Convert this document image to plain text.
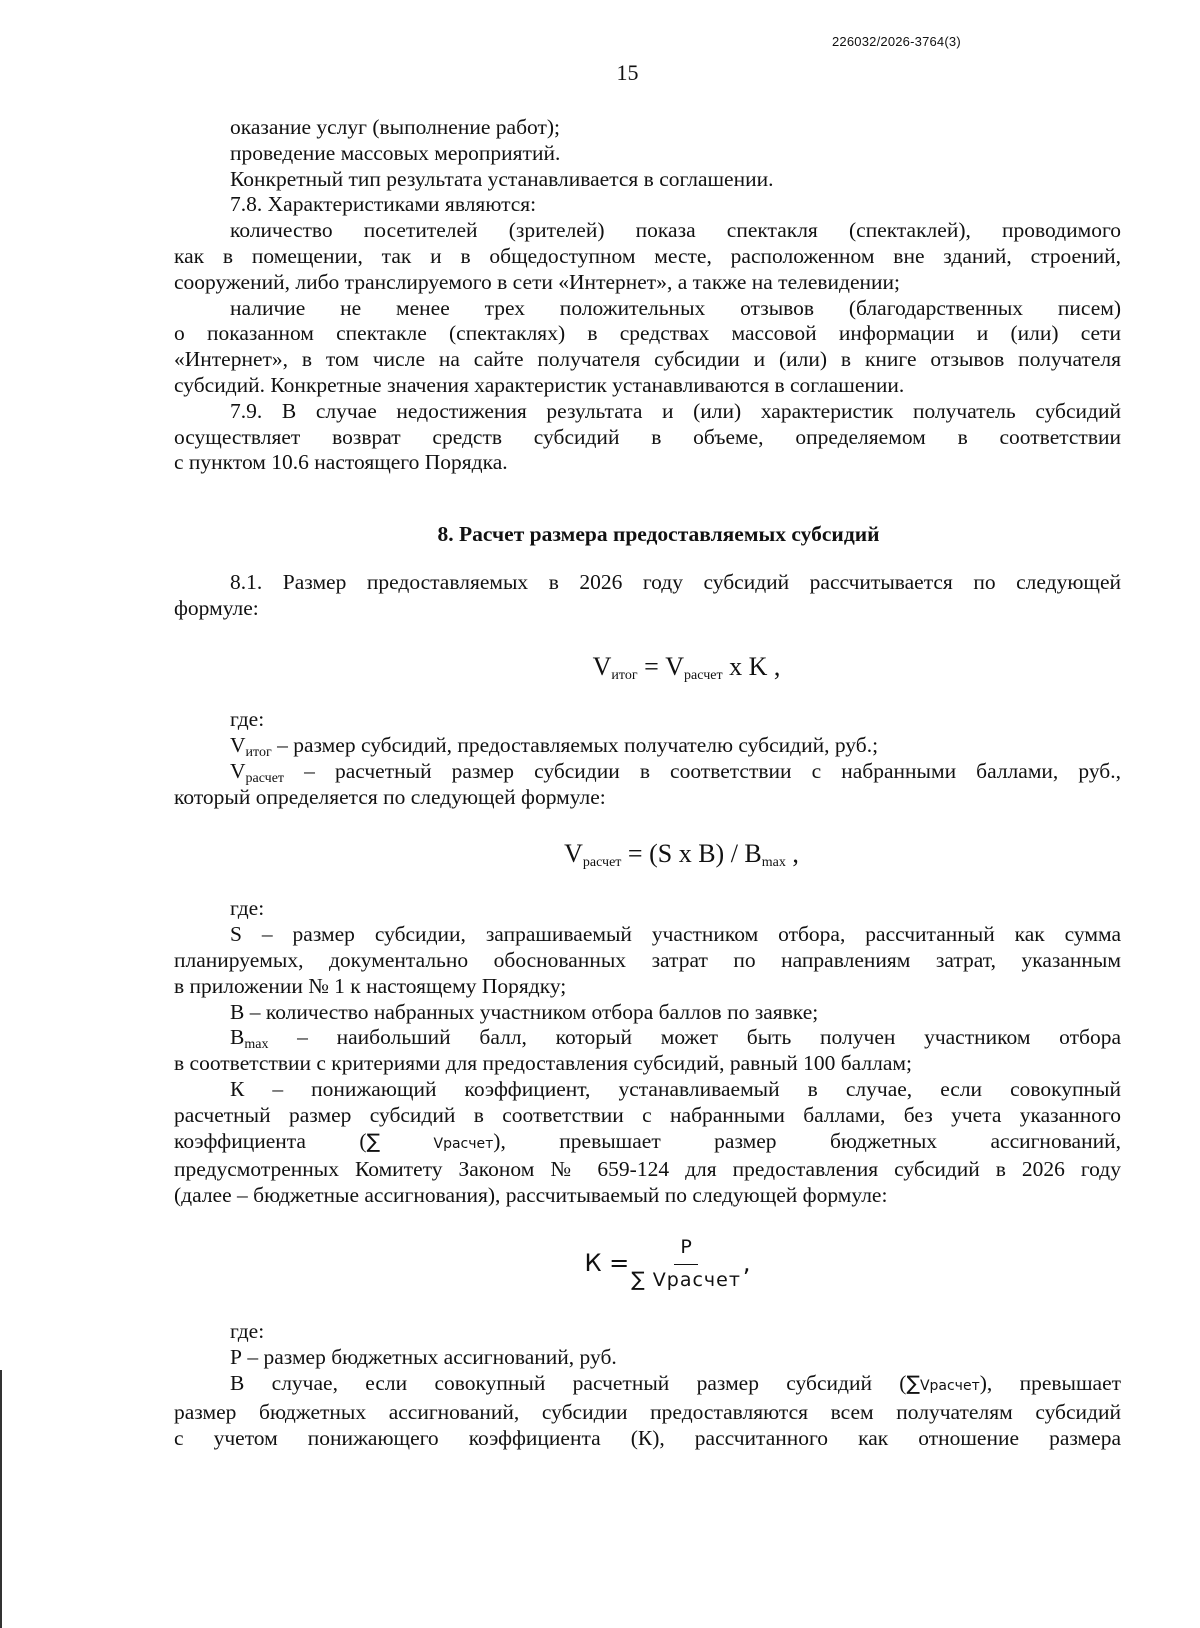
226032/2026-3764(3)
15
оказание услуг (выполнение работ);
проведение массовых мероприятий.
Конкретный тип результата устанавливается в соглашении.
7.8. Характеристиками являются:
количество посетителей (зрителей) показа спектакля (спектаклей), проводимого
как в помещении, так и в общедоступном месте, расположенном вне зданий, строений,
сооружений, либо транслируемого в сети «Интернет», а также на телевидении;
наличие не менее трех положительных отзывов (благодарственных писем)
о показанном спектакле (спектаклях) в средствах массовой информации и (или) сети
«Интернет», в том числе на сайте получателя субсидии и (или) в книге отзывов получателя
субсидий. Конкретные значения характеристик устанавливаются в соглашении.
7.9. В случае недостижения результата и (или) характеристик получатель субсидий
осуществляет возврат средств субсидий в объеме, определяемом в соответствии
с пунктом 10.6 настоящего Порядка.
8. Расчет размера предоставляемых субсидий
8.1. Размер предоставляемых в 2026 году субсидий рассчитывается по следующей
формуле:
$V_{итог} = V_{расчет}$ x K ,
где:
$V_{итог}$ – размер субсидий, предоставляемых получателю субсидий, руб.;
$V_{расчет}$ – расчетный размер субсидии в соответствии с набранными баллами, руб.,
который определяется по следующей формуле:
$V_{расчет} = (S$ x $B) / B_{max}$ ,
где:
S – размер субсидии, запрашиваемый участником отбора, рассчитанный как сумма
планируемых, документально обоснованных затрат по направлениям затрат, указанным
в приложении № 1 к настоящему Порядку;
В – количество набранных участником отбора баллов по заявке;
$B_{max}$ – наибольший балл, который может быть получен участником отбора
в соответствии с критериями для предоставления субсидий, равный 100 баллам;
К – понижающий коэффициент, устанавливаемый в случае, если совокупный
расчетный размер субсидий в соответствии с набранными баллами, без учета указанного
коэффициента (∑	Vрасчет), превышает размер бюджетных ассигнований,
предусмотренных Комитету Законом № 659-124 для предоставления субсидий в 2026 году
(далее – бюджетные ассигнования), рассчитываемый по следующей формуле:
$К = \frac{P}{\text{∑ Vрасчет}}$ ,
где:
Р – размер бюджетных ассигнований, руб.
В случае, если совокупный расчетный размер субсидий (∑Vрасчет), превышает
размер бюджетных ассигнований, субсидии предоставляются всем получателям субсидий
с учетом понижающего коэффициента (К), рассчитанного как отношение размера
